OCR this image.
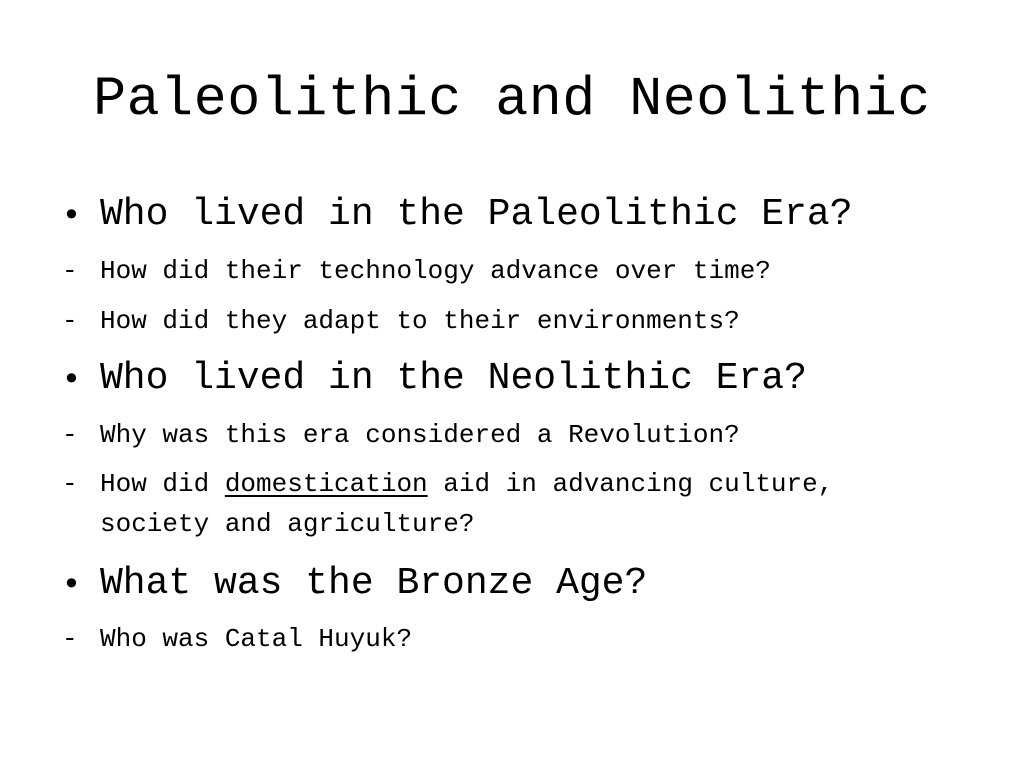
Paleolithic and Neolithic
• Who lived in the Paleolithic Era?
- How did their technology advance over time?
- How did they adapt to their environments?
• Who lived in the Neolithic Era?
- Why was this era considered a Revolution?
- How did domestication aid in advancing culture,
society and agriculture?
• What was the Bronze Age?
- Who was Catal Huyuk?
